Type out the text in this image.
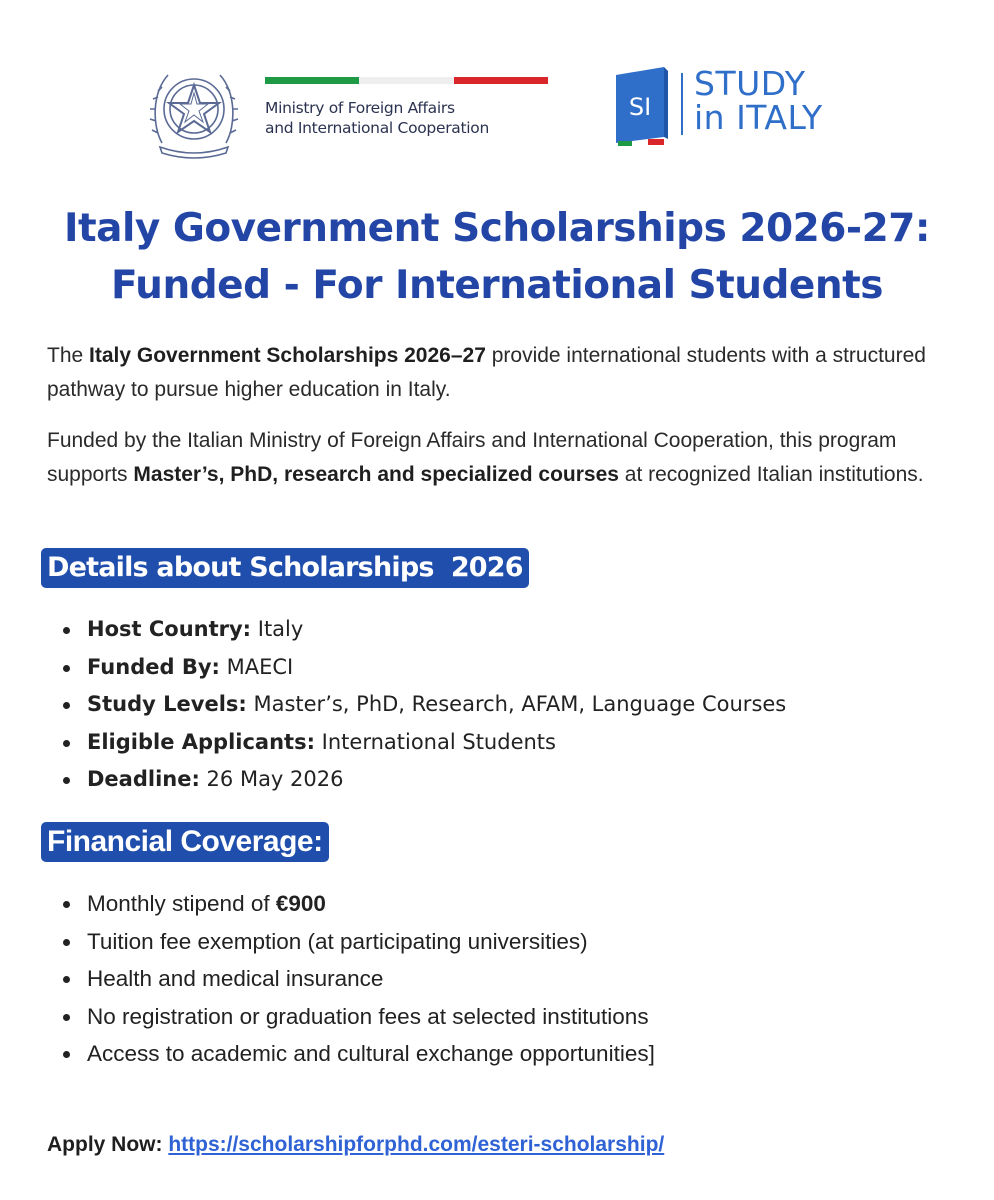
Ministry of Foreign Affairs
and International Cooperation
SI
STUDY
in ITALY
Italy Government Scholarships 2026-27:
Funded - For International Students
The Italy Government Scholarships 2026–27 provide international students with a structured pathway to pursue higher education in Italy.
Funded by the Italian Ministry of Foreign Affairs and International Cooperation, this program supports Master’s, PhD, research and specialized courses at recognized Italian institutions.
Details about Scholarships  2026
Host Country: Italy
Funded By: MAECI
Study Levels: Master’s, PhD, Research, AFAM, Language Courses
Eligible Applicants: International Students
Deadline: 26 May 2026
Financial Coverage:
Monthly stipend of €900
Tuition fee exemption (at participating universities)
Health and medical insurance
No registration or graduation fees at selected institutions
Access to academic and cultural exchange opportunities]
Apply Now: https://scholarshipforphd.com/esteri-scholarship/
